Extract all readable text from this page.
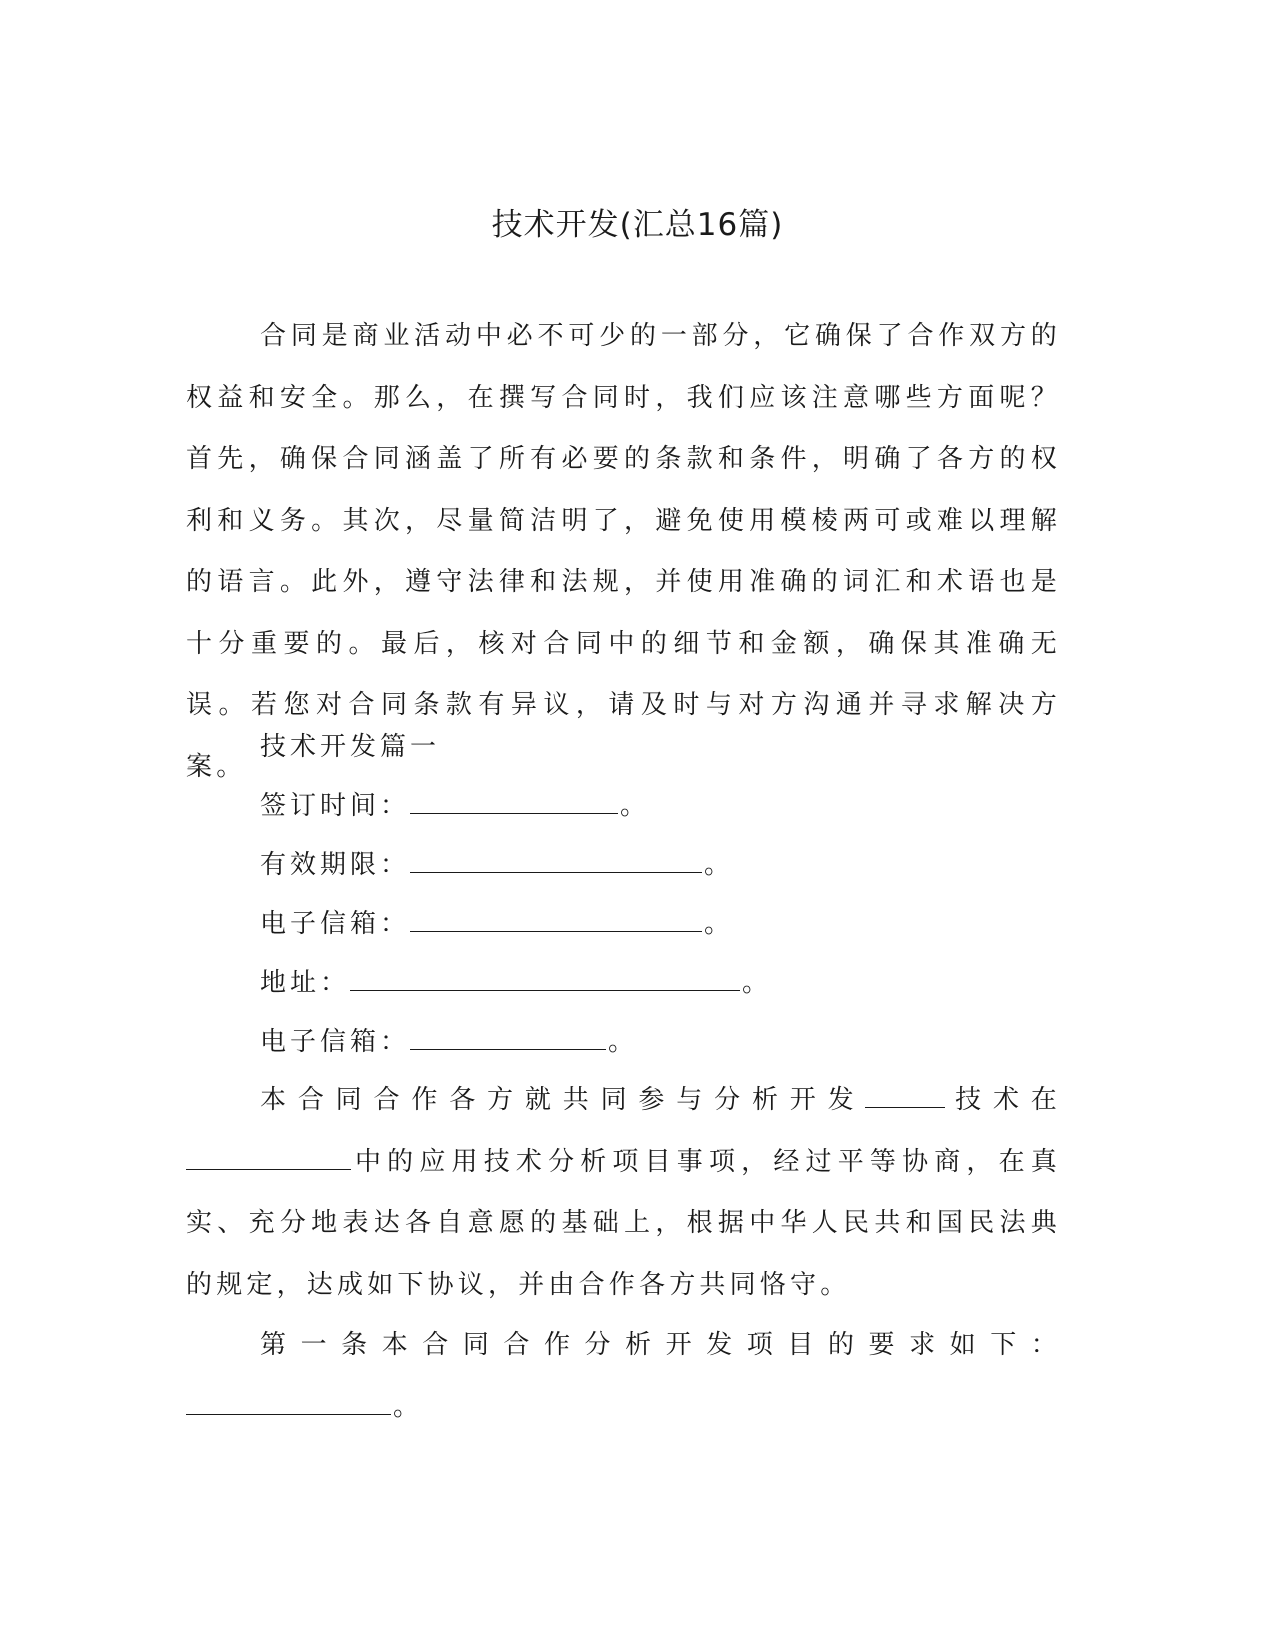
技术开发(汇总16篇)

合同是商业活动中必不可少的一部分，它确保了合作双方的权益和安全。那么，在撰写合同时，我们应该注意哪些方面呢？首先，确保合同涵盖了所有必要的条款和条件，明确了各方的权利和义务。其次，尽量简洁明了，避免使用模棱两可或难以理解的语言。此外，遵守法律和法规，并使用准确的词汇和术语也是十分重要的。最后，核对合同中的细节和金额，确保其准确无误。若您对合同条款有异议，请及时与对方沟通并寻求解决方案。

技术开发篇一
签订时间：	。
有效期限：	。
电子信箱：	。
地址：	。
电子信箱：	。

本合同合作各方就共同参与分析开发	技术在中的应用技术分析项目事项，经过平等协商，在真实、充分地表达各自意愿的基础上，根据中华人民共和国民法典的规定，达成如下协议，并由合作各方共同恪守。

第一条本合同合作分析开发项目的要求如下：。
